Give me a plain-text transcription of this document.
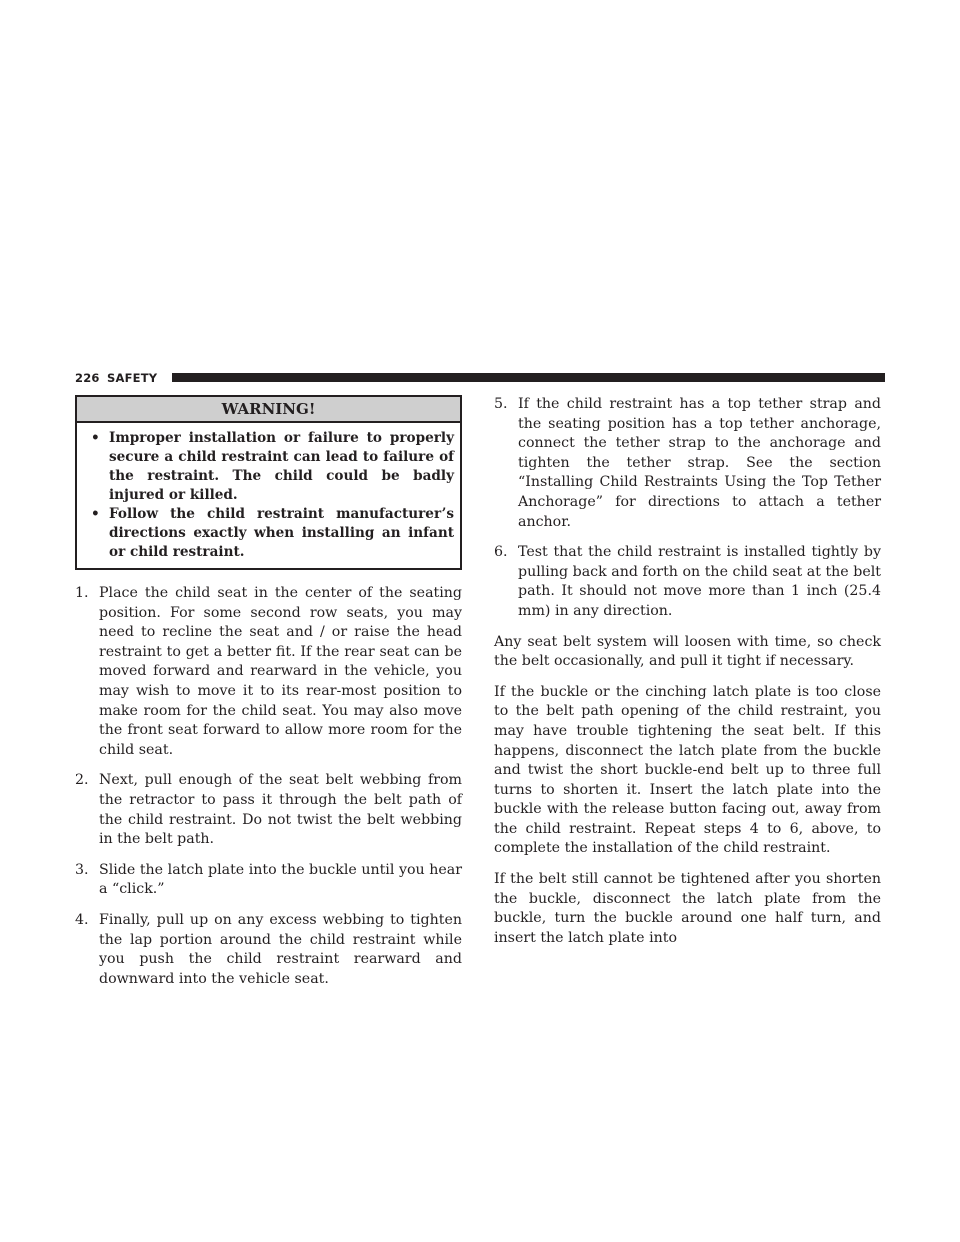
226 SAFETY
WARNING!
• Improper installation or failure to properly secure a child restraint can lead to failure of the restraint. The child could be badly injured or killed.
• Follow the child restraint manufacturer’s directions exactly when installing an infant or child restraint.
1. Place the child seat in the center of the seating position. For some second row seats, you may need to recline the seat and / or raise the head restraint to get a better fit. If the rear seat can be moved forward and rearward in the vehicle, you may wish to move it to its rear-most position to make room for the child seat. You may also move the front seat forward to allow more room for the child seat.
2. Next, pull enough of the seat belt webbing from the retractor to pass it through the belt path of the child restraint. Do not twist the belt webbing in the belt path.
3. Slide the latch plate into the buckle until you hear a “click.”
4. Finally, pull up on any excess webbing to tighten the lap portion around the child restraint while you push the child restraint rearward and downward into the vehicle seat.
5. If the child restraint has a top tether strap and the seating position has a top tether anchorage, connect the tether strap to the anchorage and tighten the tether strap. See the section “Installing Child Restraints Using the Top Tether Anchorage” for directions to attach a tether anchor.
6. Test that the child restraint is installed tightly by pulling back and forth on the child seat at the belt path. It should not move more than 1 inch (25.4 mm) in any direction.

Any seat belt system will loosen with time, so check the belt occasionally, and pull it tight if necessary.

If the buckle or the cinching latch plate is too close to the belt path opening of the child restraint, you may have trouble tightening the seat belt. If this happens, disconnect the latch plate from the buckle and twist the short buckle-end belt up to three full turns to shorten it. Insert the latch plate into the buckle with the release button facing out, away from the child restraint. Repeat steps 4 to 6, above, to complete the installation of the child restraint.

If the belt still cannot be tightened after you shorten the buckle, disconnect the latch plate from the buckle, turn the buckle around one half turn, and insert the latch plate into
